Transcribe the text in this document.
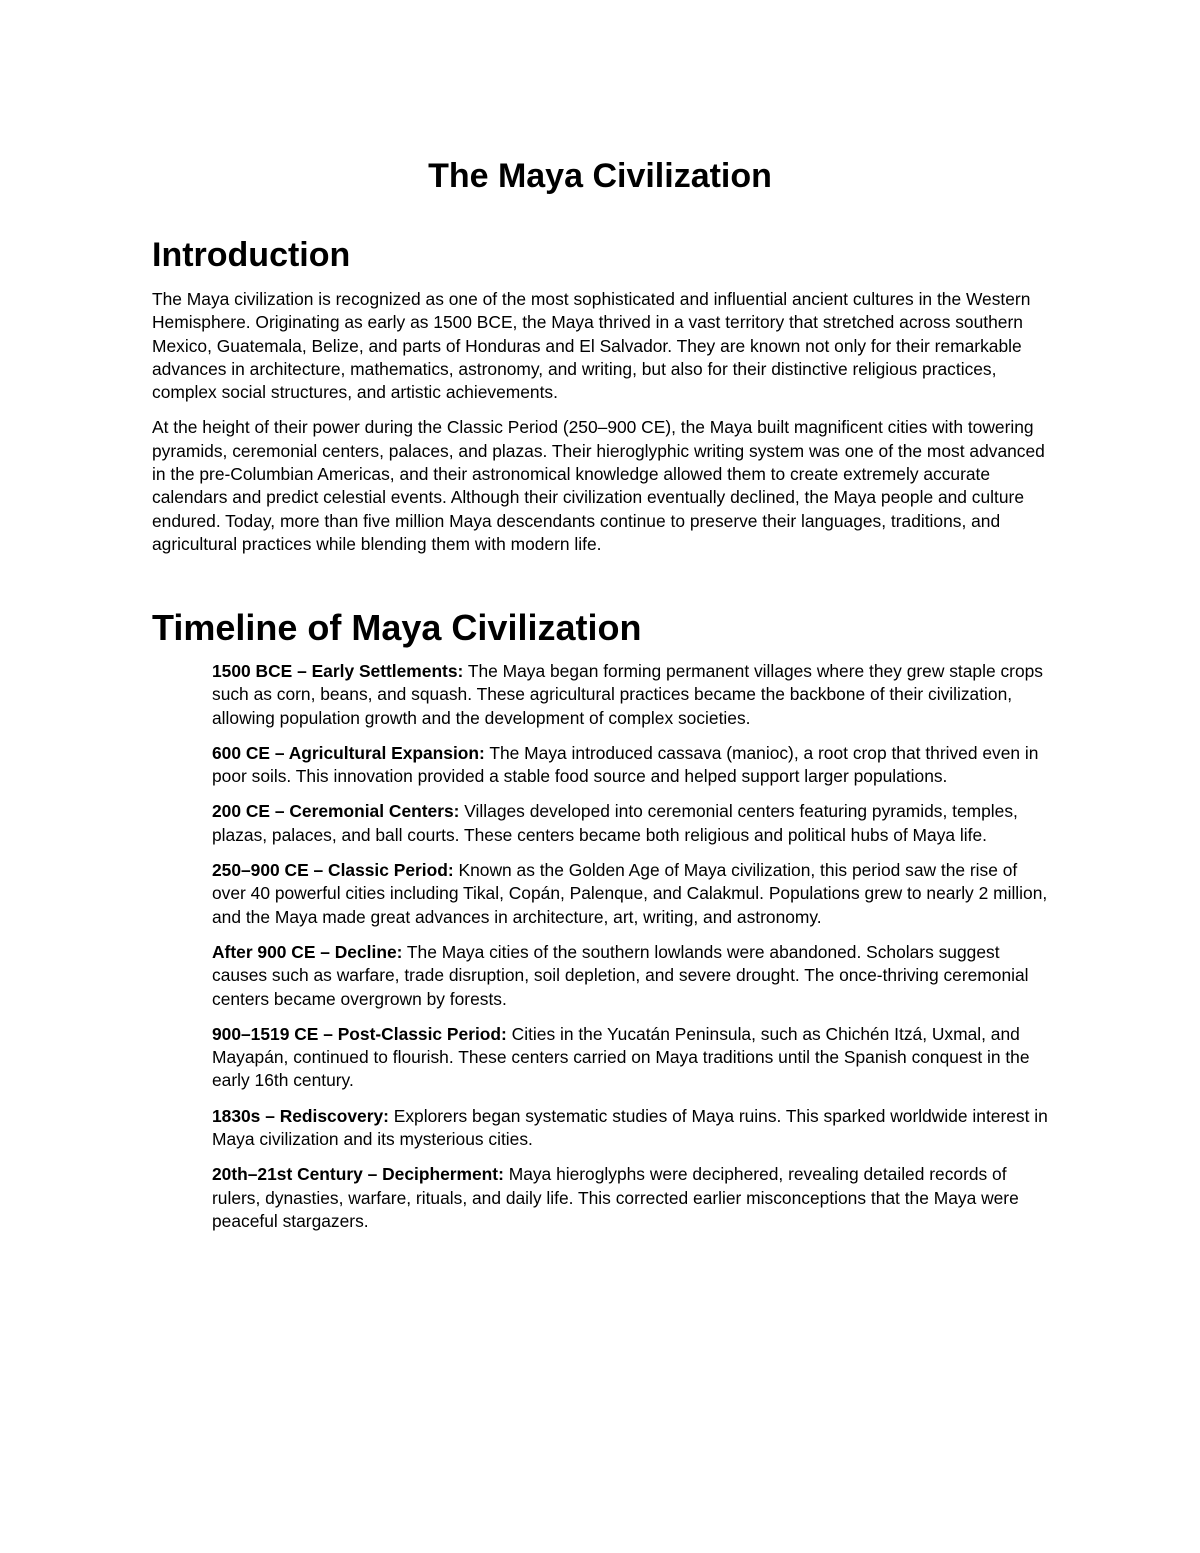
The Maya Civilization
Introduction

The Maya civilization is recognized as one of the most sophisticated and influential ancient cultures in the Western Hemisphere. Originating as early as 1500 BCE, the Maya thrived in a vast territory that stretched across southern Mexico, Guatemala, Belize, and parts of Honduras and El Salvador. They are known not only for their remarkable advances in architecture, mathematics, astronomy, and writing, but also for their distinctive religious practices, complex social structures, and artistic achievements.

At the height of their power during the Classic Period (250–900 CE), the Maya built magnificent cities with towering pyramids, ceremonial centers, palaces, and plazas. Their hieroglyphic writing system was one of the most advanced in the pre-Columbian Americas, and their astronomical knowledge allowed them to create extremely accurate calendars and predict celestial events. Although their civilization eventually declined, the Maya people and culture endured. Today, more than five million Maya descendants continue to preserve their languages, traditions, and agricultural practices while blending them with modern life.

Timeline of Maya Civilization
1500 BCE – Early Settlements: The Maya began forming permanent villages where they grew staple crops such as corn, beans, and squash. These agricultural practices became the backbone of their civilization, allowing population growth and the development of complex societies.
600 CE – Agricultural Expansion: The Maya introduced cassava (manioc), a root crop that thrived even in poor soils. This innovation provided a stable food source and helped support larger populations.
200 CE – Ceremonial Centers: Villages developed into ceremonial centers featuring pyramids, temples, plazas, palaces, and ball courts. These centers became both religious and political hubs of Maya life.
250–900 CE – Classic Period: Known as the Golden Age of Maya civilization, this period saw the rise of over 40 powerful cities including Tikal, Copán, Palenque, and Calakmul. Populations grew to nearly 2 million, and the Maya made great advances in architecture, art, writing, and astronomy.
After 900 CE – Decline: The Maya cities of the southern lowlands were abandoned. Scholars suggest causes such as warfare, trade disruption, soil depletion, and severe drought. The once-thriving ceremonial centers became overgrown by forests.
900–1519 CE – Post-Classic Period: Cities in the Yucatán Peninsula, such as Chichén Itzá, Uxmal, and Mayapán, continued to flourish. These centers carried on Maya traditions until the Spanish conquest in the early 16th century.
1830s – Rediscovery: Explorers began systematic studies of Maya ruins. This sparked worldwide interest in Maya civilization and its mysterious cities.
20th–21st Century – Decipherment: Maya hieroglyphs were deciphered, revealing detailed records of rulers, dynasties, warfare, rituals, and daily life. This corrected earlier misconceptions that the Maya were peaceful stargazers.
